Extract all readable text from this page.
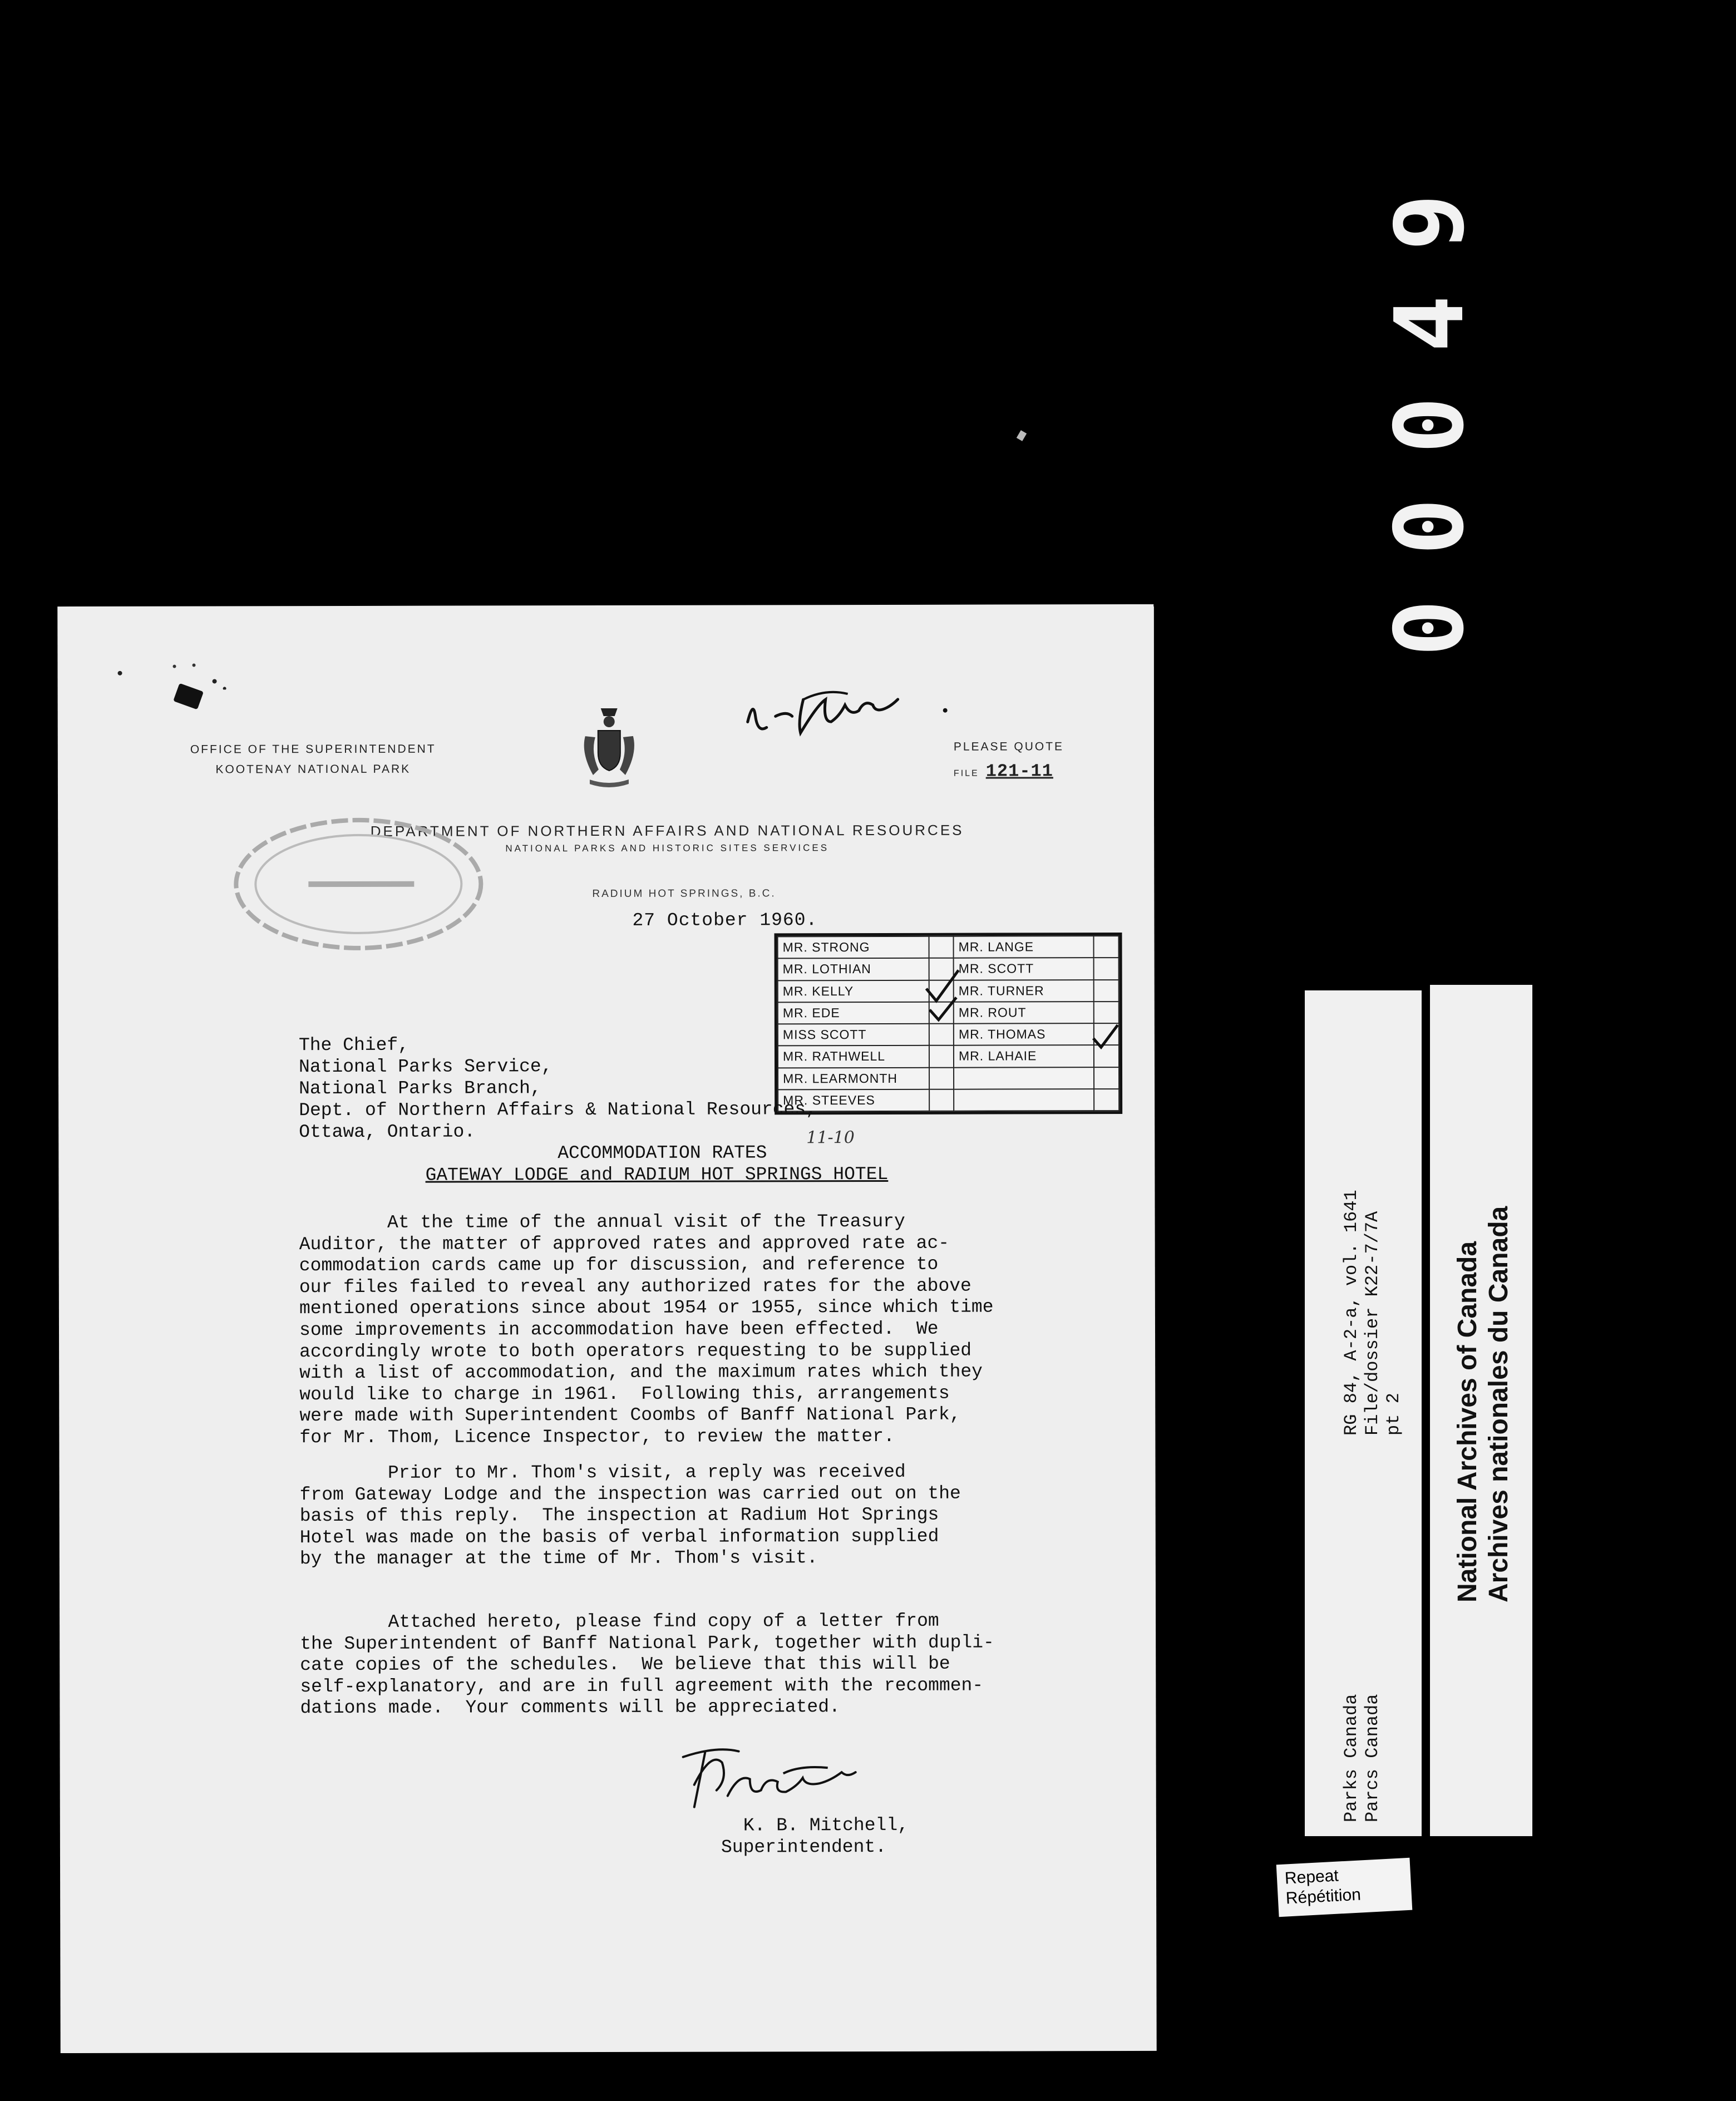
00049
OFFICE OF THE SUPERINTENDENT
KOOTENAY NATIONAL PARK
PLEASE QUOTE
FILE 121-11
DEPARTMENT OF NORTHERN AFFAIRS AND NATIONAL RESOURCES
NATIONAL PARKS AND HISTORIC SITES SERVICES
RADIUM HOT SPRINGS, B.C.
27 October 1960.
MR. STRONG		MR. LANGE	
MR. LOTHIAN		MR. SCOTT	
MR. KELLY		MR. TURNER	
MR. EDE		MR. ROUT	
MISS SCOTT		MR. THOMAS	
MR. RATHWELL		MR. LAHAIE	
MR. LEARMONTH			
MR. STEEVES			
The Chief,
National Parks Service,
National Parks Branch,
Dept. of Northern Affairs & National Resources,
Ottawa, Ontario.
ACCOMMODATION RATES
GATEWAY LODGE and RADIUM HOT SPRINGS HOTEL
11-10
At the time of the annual visit of the Treasury
Auditor, the matter of approved rates and approved rate ac-
commodation cards came up for discussion, and reference to
our files failed to reveal any authorized rates for the above
mentioned operations since about 1954 or 1955, since which time
some improvements in accommodation have been effected.  We
accordingly wrote to both operators requesting to be supplied
with a list of accommodation, and the maximum rates which they
would like to charge in 1961.  Following this, arrangements
were made with Superintendent Coombs of Banff National Park,
for Mr. Thom, Licence Inspector, to review the matter.
Prior to Mr. Thom's visit, a reply was received
from Gateway Lodge and the inspection was carried out on the
basis of this reply.  The inspection at Radium Hot Springs
Hotel was made on the basis of verbal information supplied
by the manager at the time of Mr. Thom's visit.
Attached hereto, please find copy of a letter from
the Superintendent of Banff National Park, together with dupli-
cate copies of the schedules.  We believe that this will be
self-explanatory, and are in full agreement with the recommen-
dations made.  Your comments will be appreciated.
K. B. Mitchell,
Superintendent.
RG 84, A-2-a, vol. 1641 File/dossier K22-7/7A pt 2
Parks Canada Parcs Canada
National Archives of Canada Archives nationales du Canada
Repeat
Répétition
